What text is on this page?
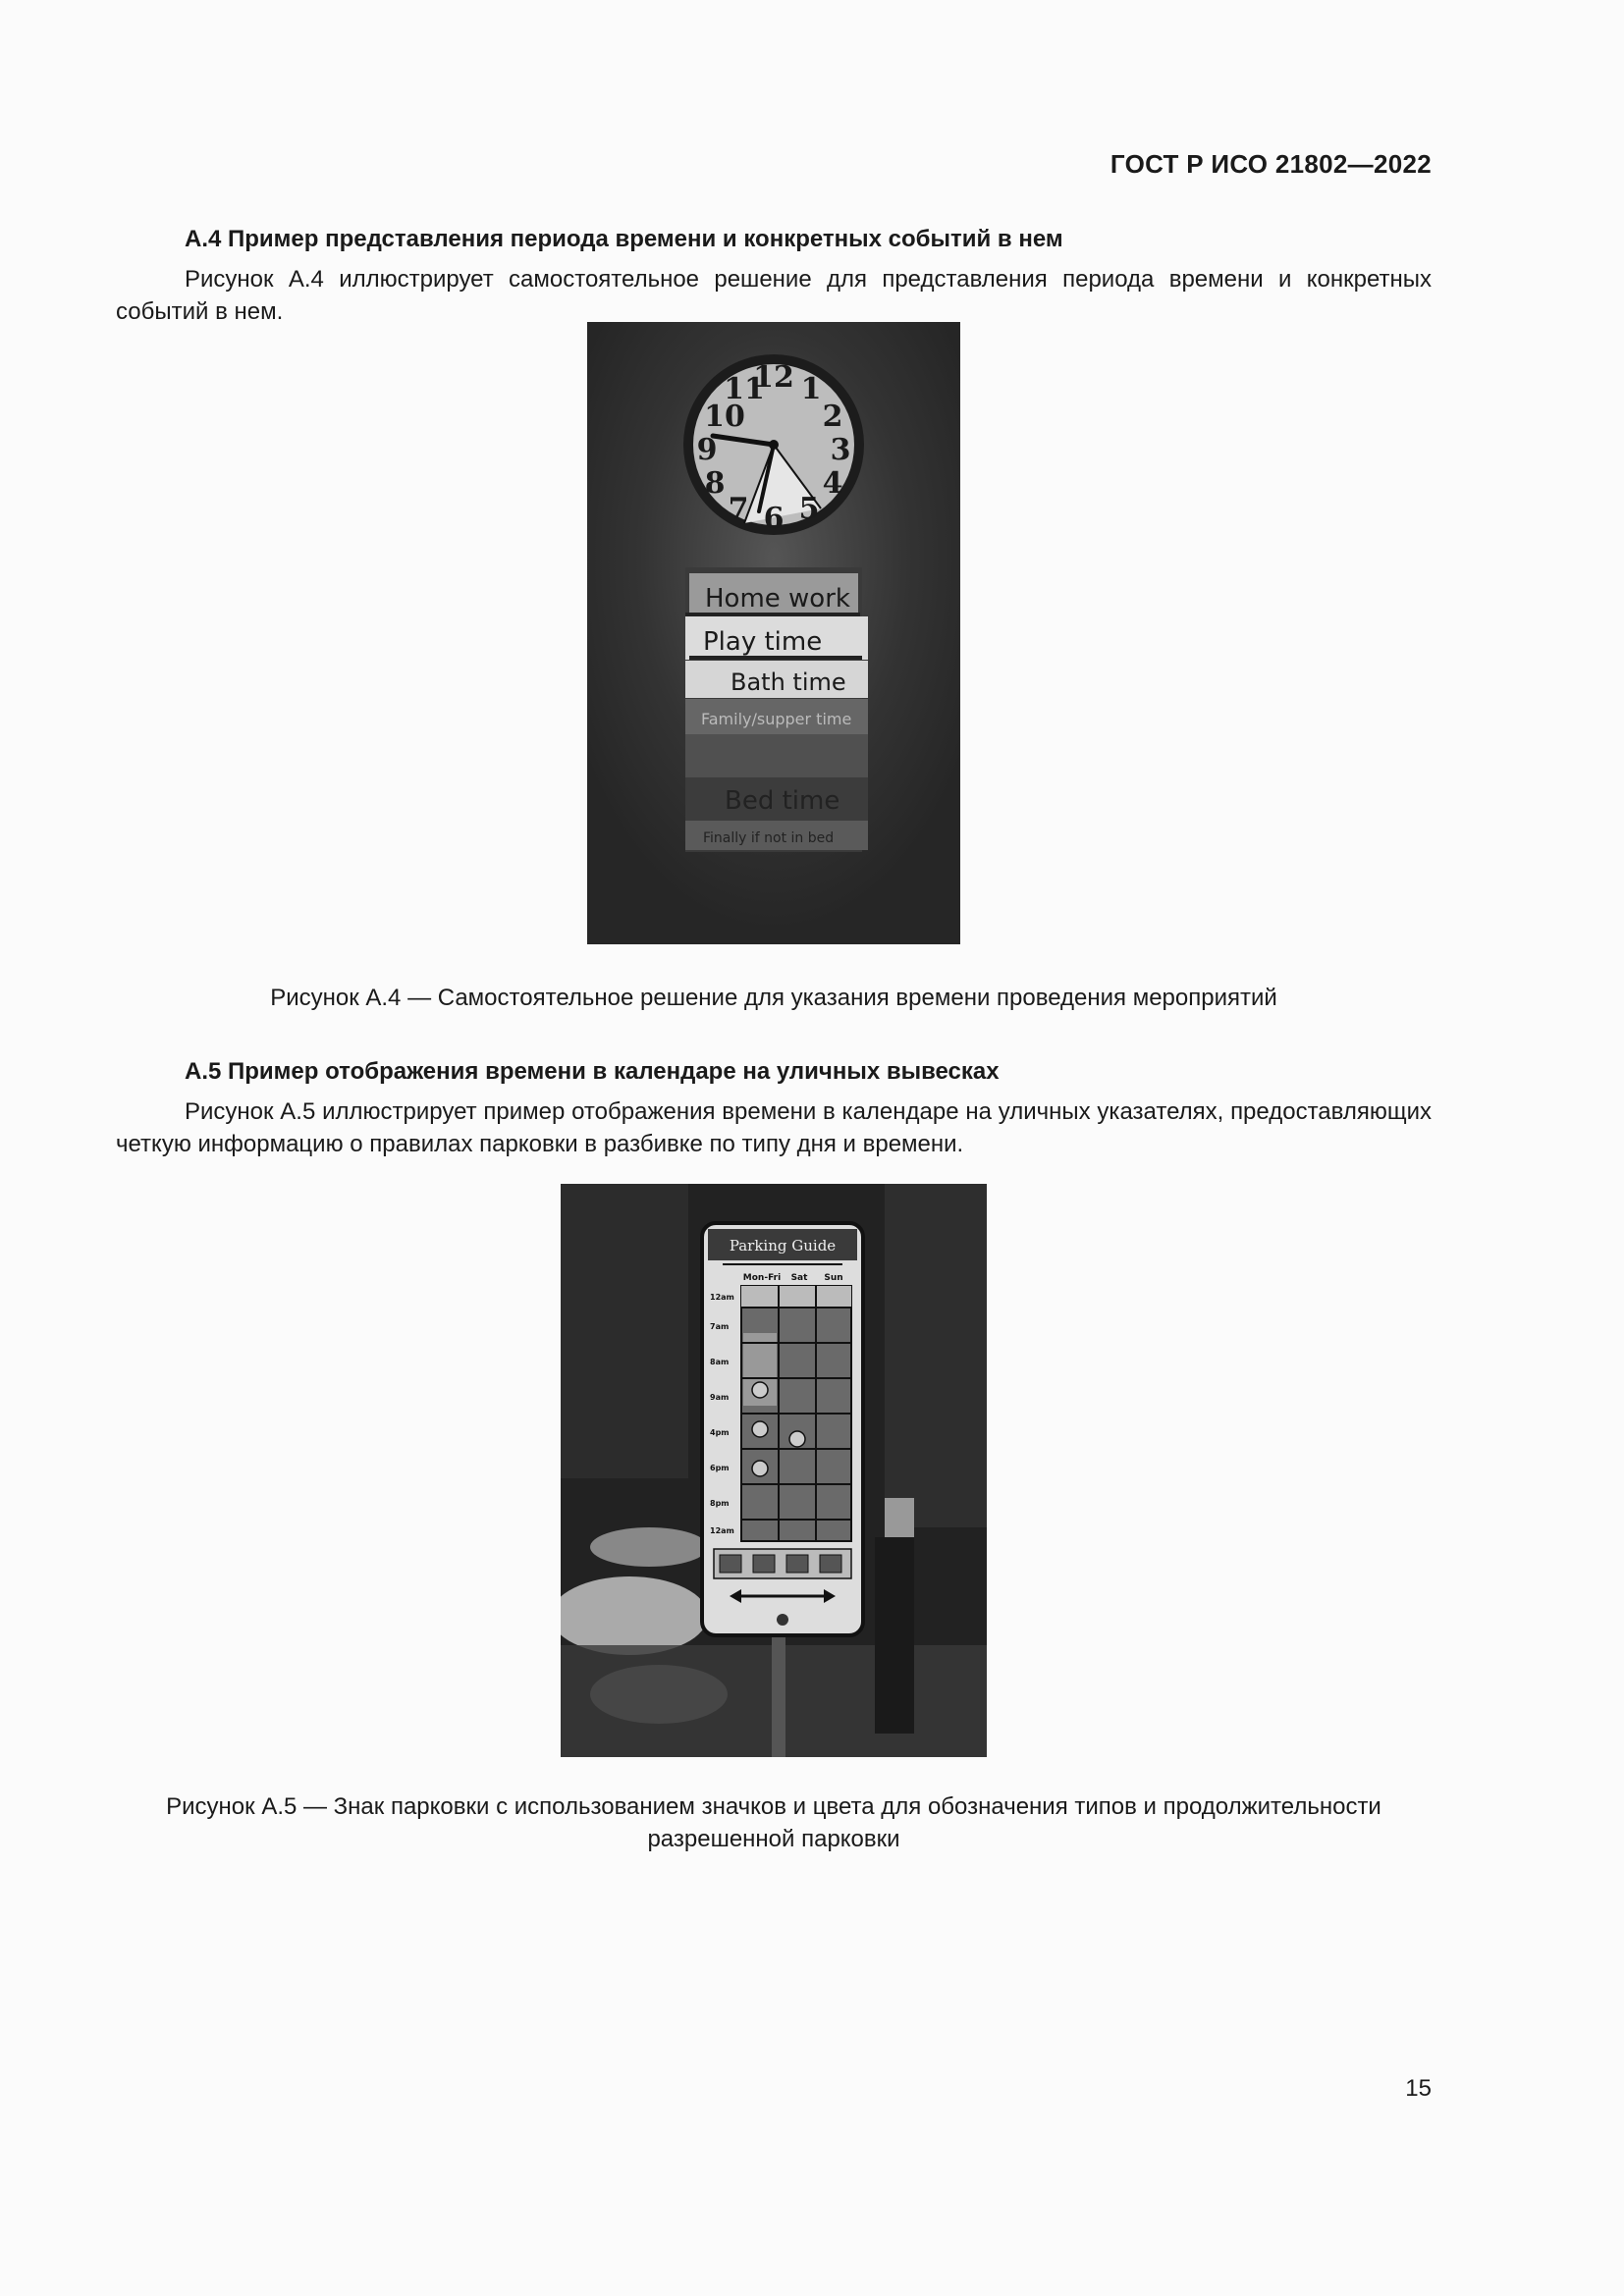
ГОСТ Р ИСО 21802—2022
А.4 Пример представления периода времени и конкретных событий в нем

Рисунок А.4 иллюстрирует самостоятельное решение для представления периода времени и конкретных событий в нем.

12 1
2
3
4
5
6
7
8
9
10
11
Home work
Play time
Bath time
Family/supper time
Bed time
Finally if not in bed
Рисунок А.4 — Самостоятельное решение для указания времени проведения мероприятий
А.5 Пример отображения времени в календаре на уличных вывесках

Рисунок А.5 иллюстрирует пример отображения времени в календаре на уличных указателях, предоставляющих четкую информацию о правилах парковки в разбивке по типу дня и времени.

Parking Guide
Mon-Fri Sat Sun
12am
7am
8am
9am
4pm
6pm
8pm
12am
Рисунок А.5 — Знак парковки с использованием значков и цвета для обозначения типов и продолжительности
разрешенной парковки
15
